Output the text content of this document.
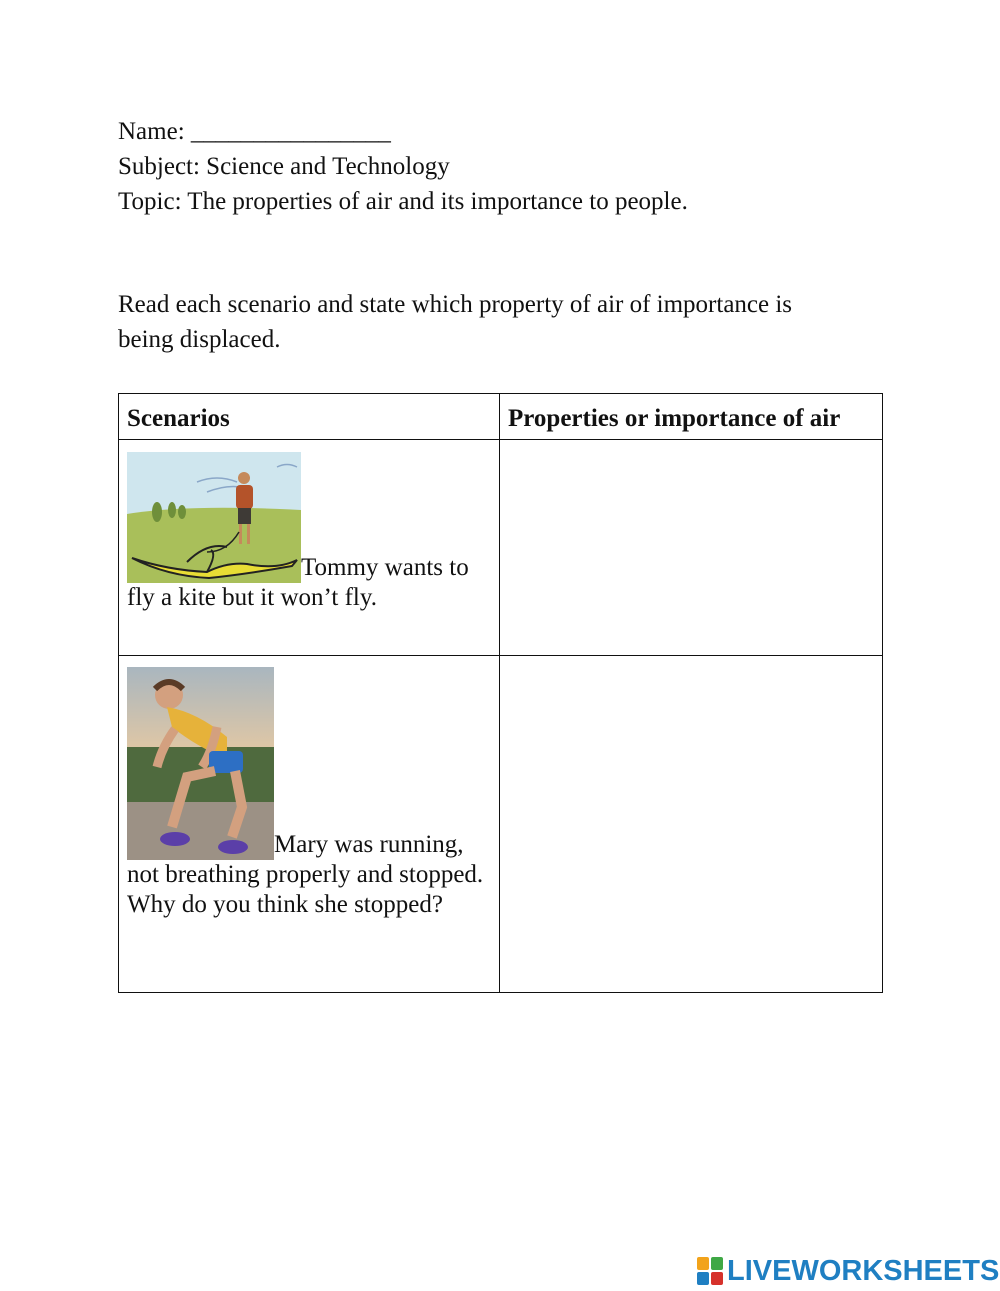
Name: ________________
Subject: Science and Technology
Topic: The properties of air and its importance to people.
Read each scenario and state which property of air of importance is being displaced.
Scenarios	Properties or importance of air

Tommy wants to fly a kite but it won’t fly.	

Mary was running, not breathing properly and stopped. Why do you think she stopped?	
LIVEWORKSHEETS
